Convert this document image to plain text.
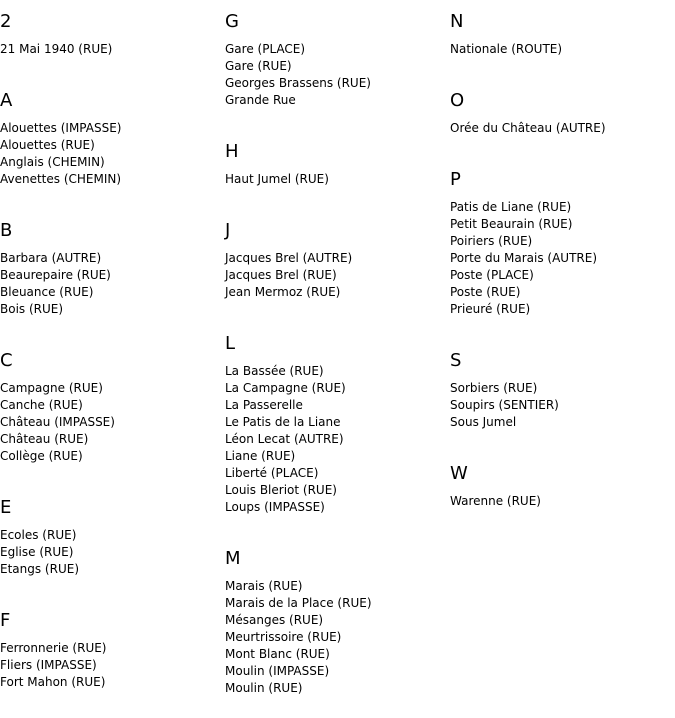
2
21 Mai 1940 (RUE)
A
Alouettes (IMPASSE)
Alouettes (RUE)
Anglais (CHEMIN)
Avenettes (CHEMIN)
B
Barbara (AUTRE)
Beaurepaire (RUE)
Bleuance (RUE)
Bois (RUE)
C
Campagne (RUE)
Canche (RUE)
Château (IMPASSE)
Château (RUE)
Collège (RUE)
E
Ecoles (RUE)
Eglise (RUE)
Etangs (RUE)
F
Ferronnerie (RUE)
Fliers (IMPASSE)
Fort Mahon (RUE)
G
Gare (PLACE)
Gare (RUE)
Georges Brassens (RUE)
Grande Rue
H
Haut Jumel (RUE)
J
Jacques Brel (AUTRE)
Jacques Brel (RUE)
Jean Mermoz (RUE)
L
La Bassée (RUE)
La Campagne (RUE)
La Passerelle
Le Patis de la Liane
Léon Lecat (AUTRE)
Liane (RUE)
Liberté (PLACE)
Louis Bleriot (RUE)
Loups (IMPASSE)
M
Marais (RUE)
Marais de la Place (RUE)
Mésanges (RUE)
Meurtrissoire (RUE)
Mont Blanc (RUE)
Moulin (IMPASSE)
Moulin (RUE)
N
Nationale (ROUTE)
O
Orée du Château (AUTRE)
P
Patis de Liane (RUE)
Petit Beaurain (RUE)
Poiriers (RUE)
Porte du Marais (AUTRE)
Poste (PLACE)
Poste (RUE)
Prieuré (RUE)
S
Sorbiers (RUE)
Soupirs (SENTIER)
Sous Jumel
W
Warenne (RUE)
